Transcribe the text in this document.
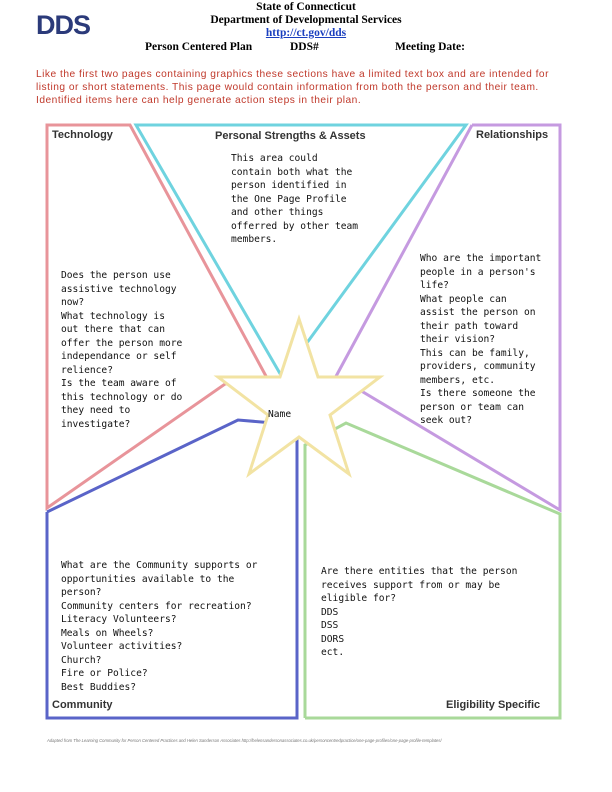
DDS
State of Connecticut
Department of Developmental Services
http://ct.gov/dds
Person Centered Plan	DDS#	Meeting Date:
Like the first two pages containing graphics these sections have a limited text box and are intended for listing or short statements. This page would contain information from both the person and their team. Identified items here can help generate action steps in their plan.
Technology	Personal Strengths & Assets	Relationships
Community	Eligibility Specific
This area could
contain both what the
person identified in
the One Page Profile
and other things
offerred by other team
members.
Does the person use
assistive technology
now?
What technology is
out there that can
offer the person more
independance or self
relience?
Is the team aware of
this technology or do
they need to
investigate?
Who are the important
people in a person's
life?
What people can
assist the person on
their path toward
their vision?
This can be family,
providers, community
members, etc.
Is there someone the
person or team can
seek out?
What are the Community supports or
opportunities available to the
person?
Community centers for recreation?
Literacy Volunteers?
Meals on Wheels?
Volunteer activities?
Church?
Fire or Police?
Best Buddies?
Are there entities that the person
receives support from or may be
eligible for?
DDS
DSS
DORS
ect.
Name
Adapted from The Learning Community for Person Centered Practices and Helen Sanderson Associates http://helensandersonassociates.co.uk/personcentredpractice/one-page-profiles/one-page-profile-templates/
